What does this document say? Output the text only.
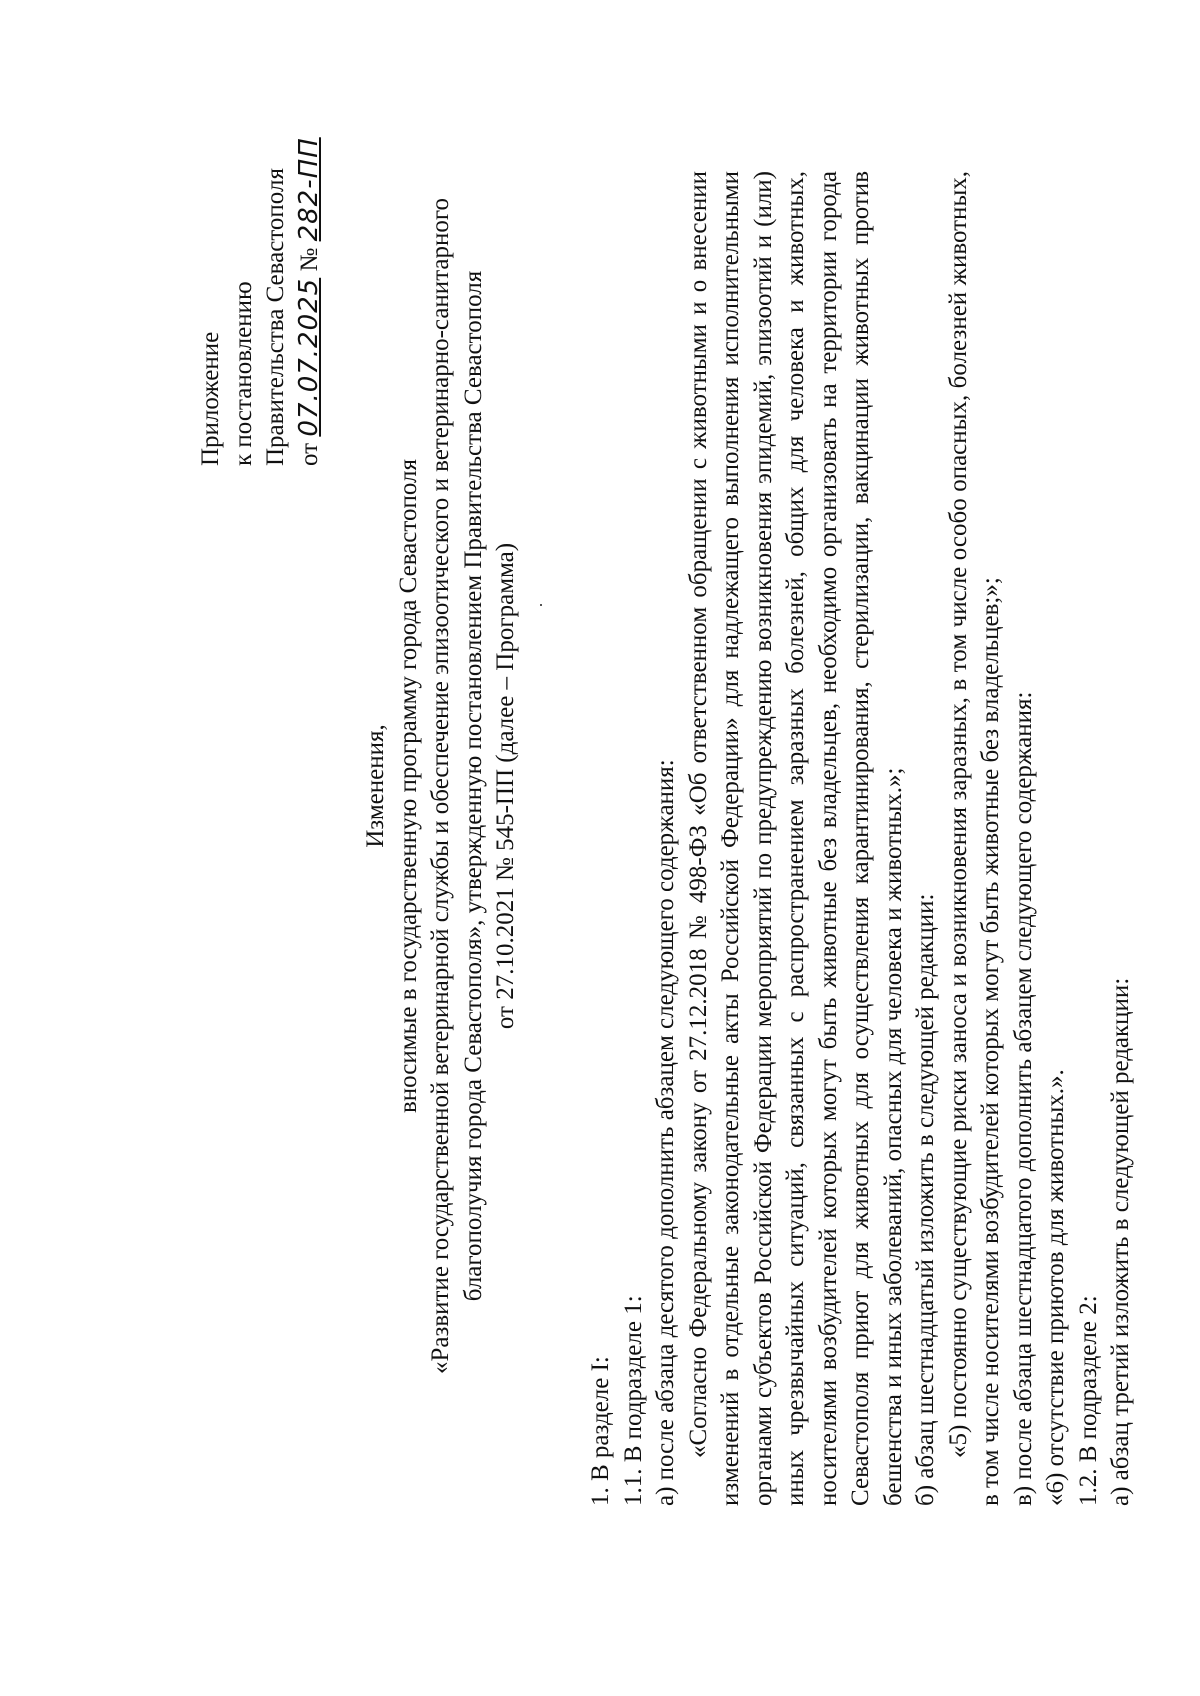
Приложение к постановлению Правительства Севастополя от 07.07.2025 № 282-ПП
Изменения, вносимые в государственную программу города Севастополя «Развитие государственной ветеринарной службы и обеспечение эпизоотического и ветеринарно-санитарного благополучия города Севастополя», утвержденную постановлением Правительства Севастополя от 27.10.2021 № 545-ПП (далее – Программа)

1. В разделе I: 1.1. В подразделе 1: а) после абзаца десятого дополнить абзацем следующего содержания: «Согласно Федеральному закону от 27.12.2018 № 498-ФЗ «Об ответственном обращении с животными и о внесении изменений в отдельные законодательные акты Российской Федерации» для надлежащего выполнения исполнительными органами субъектов Российской Федерации мероприятий по предупреждению возникновения эпидемий, эпизоотий и (или) иных чрезвычайных ситуаций, связанных с распространением заразных болезней, общих для человека и животных, носителями возбудителей которых могут быть животные без владельцев, необходимо организовать на территории города Севастополя приют для животных для осуществления карантинирования, стерилизации, вакцинации животных против бешенства и иных заболеваний, опасных для человека и животных.»; б) абзац шестнадцатый изложить в следующей редакции: «5) постоянно существующие риски заноса и возникновения заразных, в том числе особо опасных, болезней животных, в том числе носителями возбудителей которых могут быть животные без владельцев;»; в) после абзаца шестнадцатого дополнить абзацем следующего содержания: «6) отсутствие приютов для животных.». 1.2. В подразделе 2: а) абзац третий изложить в следующей редакции:
